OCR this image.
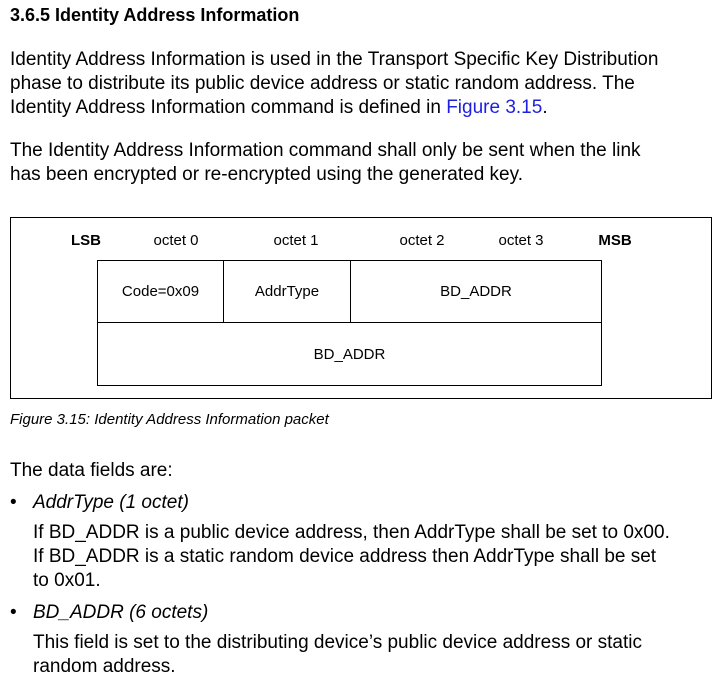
3.6.5 Identity Address Information
Identity Address Information is used in the Transport Specific Key Distribution
phase to distribute its public device address or static random address. The
Identity Address Information command is defined in Figure 3.15.
The Identity Address Information command shall only be sent when the link
has been encrypted or re-encrypted using the generated key.
LSB	octet 0	octet 1	octet 2	octet 3	MSB
Code=0x09	AddrType	BD_ADDR
BD_ADDR
Figure 3.15: Identity Address Information packet
The data fields are:
• AddrType (1 octet)
If BD_ADDR is a public device address, then AddrType shall be set to 0x00.
If BD_ADDR is a static random device address then AddrType shall be set
to 0x01.
• BD_ADDR (6 octets)
This field is set to the distributing device’s public device address or static
random address.
